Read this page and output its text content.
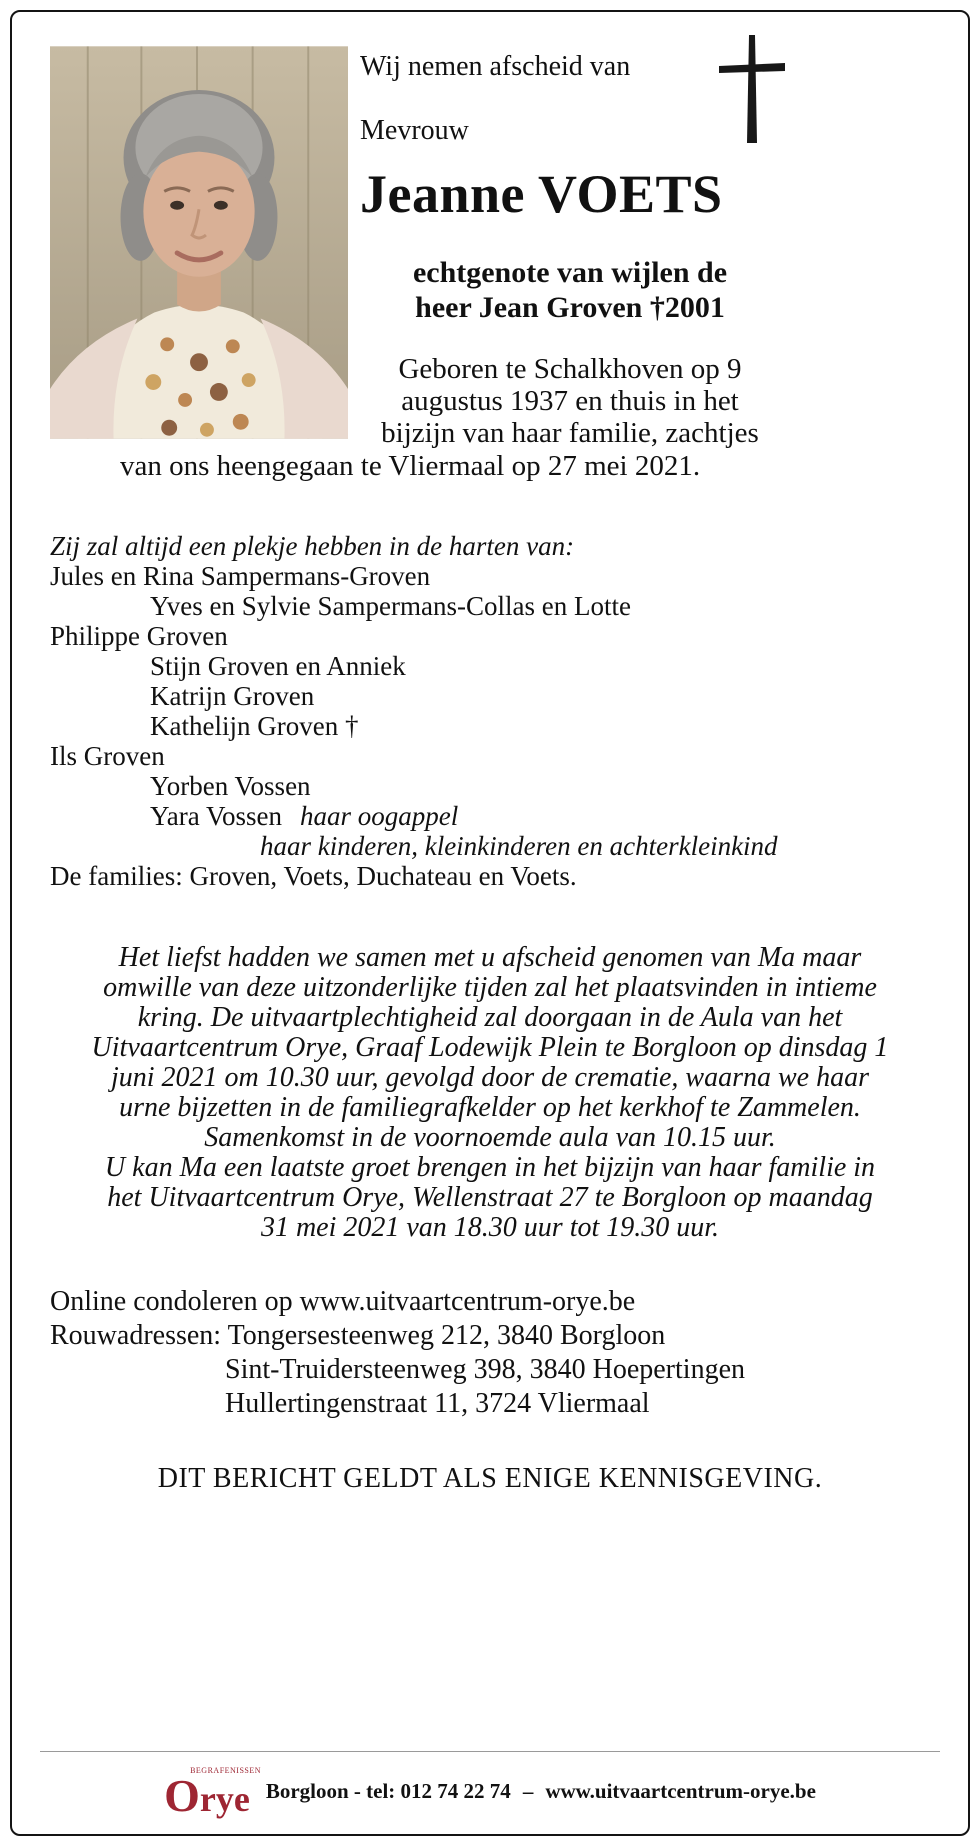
Wij nemen afscheid van
Mevrouw
Jeanne VOETS
echtgenote van wijlen de
heer Jean Groven †2001
Geboren te Schalkhoven op 9
augustus 1937 en thuis in het
bijzijn van haar familie, zachtjes
van ons heengegaan te Vliermaal op 27 mei 2021.
Zij zal altijd een plekje hebben in de harten van:
Jules en Rina Sampermans-Groven
Yves en Sylvie Sampermans-Collas en Lotte
Philippe Groven
Stijn Groven en Anniek
Katrijn Groven
Kathelijn Groven †
Ils Groven
Yorben Vossen
Yara Vossen haar oogappel
haar kinderen, kleinkinderen en achterkleinkind
De families: Groven, Voets, Duchateau en Voets.
Het liefst hadden we samen met u afscheid genomen van Ma maar omwille van deze uitzonderlijke tijden zal het plaatsvinden in intieme kring. De uitvaartplechtigheid zal doorgaan in de Aula van het Uitvaartcentrum Orye, Graaf Lodewijk Plein te Borgloon op dinsdag 1 juni 2021 om 10.30 uur, gevolgd door de crematie, waarna we haar urne bijzetten in de familiegrafkelder op het kerkhof te Zammelen.
Samenkomst in de voornoemde aula van 10.15 uur.
U kan Ma een laatste groet brengen in het bijzijn van haar familie in het Uitvaartcentrum Orye, Wellenstraat 27 te Borgloon op maandag 31 mei 2021 van 18.30 uur tot 19.30 uur.
Online condoleren op www.uitvaartcentrum-orye.be
Rouwadressen: Tongersesteenweg 212, 3840 Borgloon
Sint-Truidersteenweg 398, 3840 Hoepertingen
Hullertingenstraat 11, 3724 Vliermaal
DIT BERICHT GELDT ALS ENIGE KENNISGEVING.
BEGRAFENISSEN
Orye Borgloon - tel: 012 74 22 74 – www.uitvaartcentrum-orye.be
